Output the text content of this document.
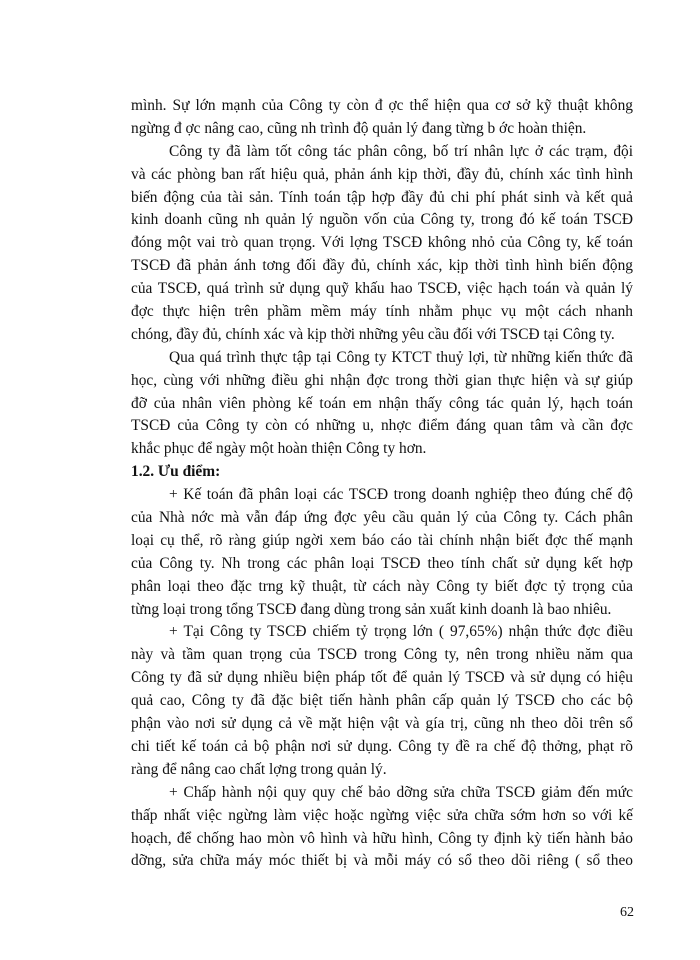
mình. Sự lớn mạnh của Công ty còn đ ợc thể hiện qua cơ sở kỹ thuật không
ngừng đ ợc nâng cao, cũng nh trình độ quản lý đang từng b ớc hoàn thiện.
Công ty đã làm tốt công tác phân công, bố trí nhân lực ở các trạm, đội
và các phòng ban rất hiệu quả, phản ánh kịp thời, đầy đủ, chính xác tình hình
biến động của tài sản. Tính toán tập hợp đầy đủ chi phí phát sinh và kết quả
kinh doanh cũng nh quản lý nguồn vốn của Công ty, trong đó kế toán TSCĐ
đóng một vai trò quan trọng. Với lợng TSCĐ không nhỏ của Công ty, kế toán
TSCĐ đã phản ánh tơng đối đầy đủ, chính xác, kịp thời tình hình biến động
của TSCĐ, quá trình sử dụng quỹ khấu hao TSCĐ, việc hạch toán và quản lý
đợc thực hiện trên phầm mềm máy tính nhằm phục vụ một cách nhanh
chóng, đầy đủ, chính xác và kịp thời những yêu cầu đối với TSCĐ tại Công ty.
Qua quá trình thực tập tại Công ty KTCT thuỷ lợi, từ những kiến thức đã
học, cùng với những điều ghi nhận đợc trong thời gian thực hiện và sự giúp
đỡ của nhân viên phòng kế toán em nhận thấy công tác quản lý, hạch toán
TSCĐ của Công ty còn có những u, nhợc điểm đáng quan tâm và cần đợc
khắc phục để ngày một hoàn thiện Công ty hơn.
1.2. Ưu điểm:
+ Kế toán đã phân loại các TSCĐ trong doanh nghiệp theo đúng chế độ
của Nhà nớc mà vẫn đáp ứng đợc yêu cầu quản lý của Công ty. Cách phân
loại cụ thể, rõ ràng giúp ngời xem báo cáo tài chính nhận biết đợc thế mạnh
của Công ty. Nh trong các phân loại TSCĐ theo tính chất sử dụng kết hợp
phân loại theo đặc trng kỹ thuật, từ cách này Công ty biết đợc tỷ trọng của
từng loại trong tổng TSCĐ đang dùng trong sản xuất kinh doanh là bao nhiêu.
+ Tại Công ty TSCĐ chiếm tỷ trọng lớn ( 97,65%) nhận thức đợc điều
này và tầm quan trọng của TSCĐ trong Công ty, nên trong nhiều năm qua
Công ty đã sử dụng nhiều biện pháp tốt để quản lý TSCĐ và sử dụng có hiệu
quả cao, Công ty đã đặc biệt tiến hành phân cấp quản lý TSCĐ cho các bộ
phận vào nơi sử dụng cả về mặt hiện vật và gía trị, cũng nh theo dõi trên sổ
chi tiết kế toán cả bộ phận nơi sử dụng. Công ty đề ra chế độ thởng, phạt rõ
ràng để nâng cao chất lợng trong quản lý.
+ Chấp hành nội quy quy chế bảo dỡng sửa chữa TSCĐ giảm đến mức
thấp nhất việc ngừng làm việc hoặc ngừng việc sửa chữa sớm hơn so với kế
hoạch, để chống hao mòn vô hình và hữu hình, Công ty định kỳ tiến hành bảo
dỡng, sửa chữa máy móc thiết bị và mỗi máy có sổ theo dõi riêng ( sổ theo
62
